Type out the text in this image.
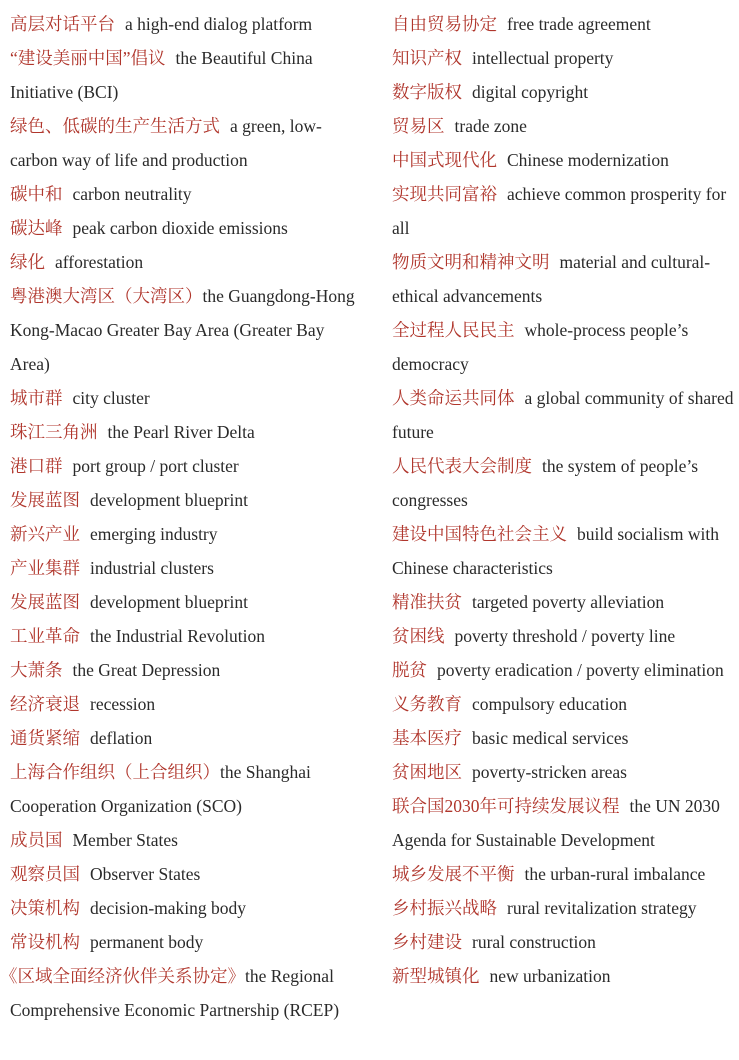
高层对话平台 a high-end dialog platform

“建设美丽中国”倡议 the Beautiful China Initiative (BCI)

绿色、低碳的生产生活方式 a green, low-carbon way of life and production

碳中和 carbon neutrality

碳达峰 peak carbon dioxide emissions

绿化 afforestation

粤港澳大湾区（大湾区）the Guangdong-Hong Kong-Macao Greater Bay Area (Greater Bay Area)

城市群 city cluster

珠江三角洲 the Pearl River Delta

港口群 port group / port cluster

发展蓝图 development blueprint

新兴产业 emerging industry

产业集群 industrial clusters

发展蓝图 development blueprint

工业革命 the Industrial Revolution

大萧条 the Great Depression

经济衰退 recession

通货紧缩 deflation

上海合作组织（上合组织）the Shanghai Cooperation Organization (SCO)

成员国 Member States

观察员国 Observer States

决策机构 decision-making body

常设机构 permanent body

《区域全面经济伙伴关系协定》the Regional Comprehensive Economic Partnership (RCEP)

自由贸易协定 free trade agreement

知识产权 intellectual property

数字版权 digital copyright

贸易区 trade zone

中国式现代化 Chinese modernization

实现共同富裕 achieve common prosperity for all

物质文明和精神文明 material and cultural-ethical advancements

全过程人民民主 whole-process people’s democracy

人类命运共同体 a global community of shared future

人民代表大会制度 the system of people’s congresses

建设中国特色社会主义 build socialism with Chinese characteristics

精准扶贫 targeted poverty alleviation

贫困线 poverty threshold / poverty line

脱贫 poverty eradication / poverty elimination

义务教育 compulsory education

基本医疗 basic medical services

贫困地区 poverty-stricken areas

联合国2030年可持续发展议程 the UN 2030 Agenda for Sustainable Development

城乡发展不平衡 the urban-rural imbalance

乡村振兴战略 rural revitalization strategy

乡村建设 rural construction

新型城镇化 new urbanization
